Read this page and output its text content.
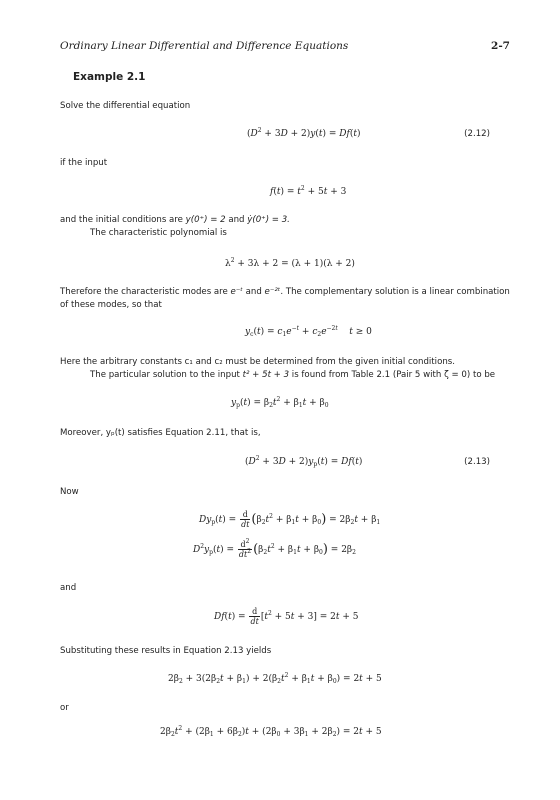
Ordinary Linear Differential and Difference Equations	2-7
Example 2.1
Solve the differential equation
$(D^2 + 3D + 2)y(t) = Df(t)$	(2.12)
if the input
$f(t) = t^2 + 5t + 3$
and the initial conditions are y(0⁺) = 2 and ẏ(0⁺) = 3.
The characteristic polynomial is
$\lambda^2 + 3\lambda + 2 = (\lambda + 1)(\lambda + 2)$
Therefore the characteristic modes are e⁻ᵗ and e⁻²ᵗ. The complementary solution is a linear combination
of these modes, so that
$y_c(t) = c_1e^{-t} + c_2e^{-2t}$ t ≥ 0
Here the arbitrary constants c₁ and c₂ must be determined from the given initial conditions.
The particular solution to the input t² + 5t + 3 is found from Table 2.1 (Pair 5 with ζ = 0) to be
$y_p(t) = \beta_2t^2 + \beta_1t + \beta_0$
Moreover, yₚ(t) satisfies Equation 2.11, that is,
$(D^2 + 3D + 2)y_p(t) = Df(t)$	(2.13)
Now
$Dy_p(t) = \frac{d}{dt} (\beta_2t^2 + \beta_1t + \beta_0) = 2\beta_2t + \beta_1$
$D^2y_p(t) = \frac{d^2}{dt^2} (\beta_2t^2 + \beta_1t + \beta_0) = 2\beta_2$
and
$Df(t) = \frac{d}{dt} [t^2 + 5t + 3] = 2t + 5$
Substituting these results in Equation 2.13 yields
$2\beta_2 + 3(2\beta_2t + \beta_1) + 2(\beta_2t^2 + \beta_1t + \beta_0) = 2t + 5$
or
$2\beta_2t^2 + (2\beta_1 + 6\beta_2)t + (2\beta_0 + 3\beta_1 + 2\beta_2) = 2t + 5$
